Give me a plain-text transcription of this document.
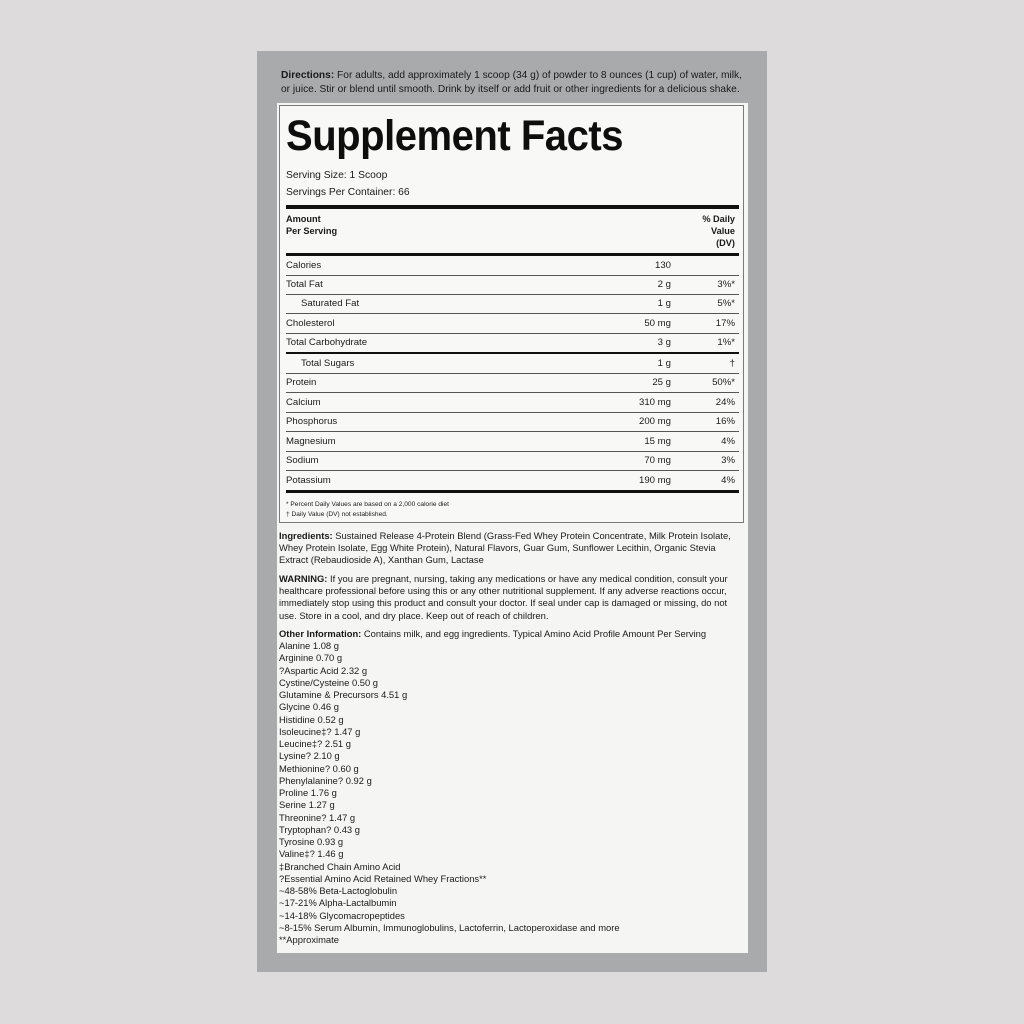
Directions: For adults, add approximately 1 scoop (34 g) of powder to 8 ounces (1 cup) of water, milk, or juice. Stir or blend until smooth. Drink by itself or add fruit or other ingredients for a delicious shake.
Supplement Facts
Serving Size: 1 Scoop
Servings Per Container: 66
Amount
Per Serving
% Daily
Value
(DV)
Calories	130
Total Fat	2 g	3%*
Saturated Fat	1 g	5%*
Cholesterol	50 mg	17%
Total Carbohydrate	3 g	1%*
Total Sugars	1 g	†
Protein	25 g	50%*
Calcium	310 mg	24%
Phosphorus	200 mg	16%
Magnesium	15 mg	4%
Sodium	70 mg	3%
Potassium	190 mg	4%
* Percent Daily Values are based on a 2,000 calorie diet
† Daily Value (DV) not established.
Ingredients: Sustained Release 4-Protein Blend (Grass-Fed Whey Protein Concentrate, Milk Protein Isolate, Whey Protein Isolate, Egg White Protein), Natural Flavors, Guar Gum, Sunflower Lecithin, Organic Stevia Extract (Rebaudioside A), Xanthan Gum, Lactase
WARNING: If you are pregnant, nursing, taking any medications or have any medical condition, consult your healthcare professional before using this or any other nutritional supplement. If any adverse reactions occur, immediately stop using this product and consult your doctor. If seal under cap is damaged or missing, do not use. Store in a cool, and dry place. Keep out of reach of children.
Other Information: Contains milk, and egg ingredients. Typical Amino Acid Profile Amount Per Serving
Alanine 1.08 g
Arginine 0.70 g
?Aspartic Acid 2.32 g
Cystine/Cysteine 0.50 g
Glutamine & Precursors 4.51 g
Glycine 0.46 g
Histidine 0.52 g
Isoleucine‡? 1.47 g
Leucine‡? 2.51 g
Lysine? 2.10 g
Methionine? 0.60 g
Phenylalanine? 0.92 g
Proline 1.76 g
Serine 1.27 g
Threonine? 1.47 g
Tryptophan? 0.43 g
Tyrosine 0.93 g
Valine‡? 1.46 g
‡Branched Chain Amino Acid
?Essential Amino Acid Retained Whey Fractions**
~48-58% Beta-Lactoglobulin
~17-21% Alpha-Lactalbumin
~14-18% Glycomacropeptides
~8-15% Serum Albumin, Immunoglobulins, Lactoferrin, Lactoperoxidase and more
**Approximate
